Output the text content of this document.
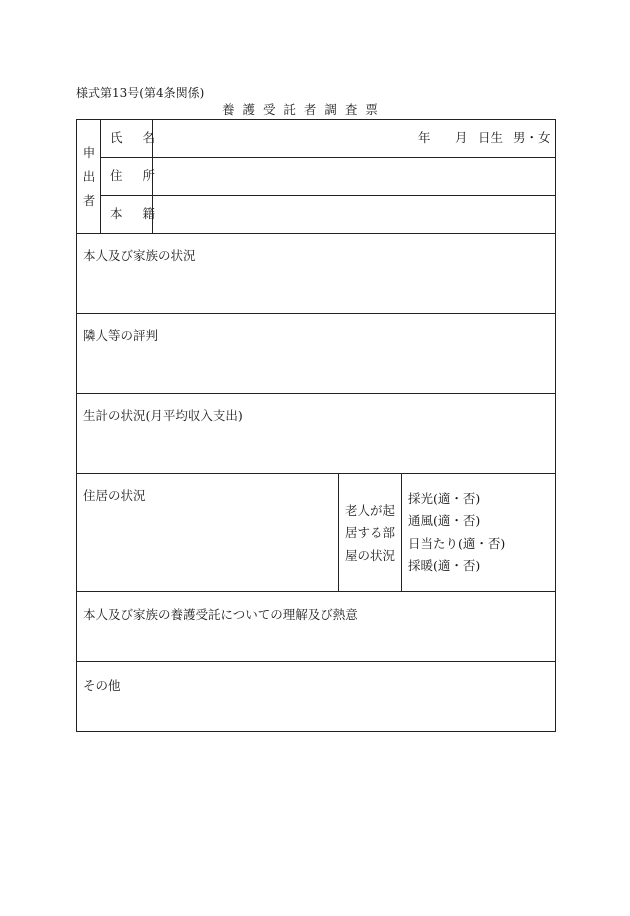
様式第13号(第4条関係)
養 護 受 託 者 調 査 票
申
出
者
氏 名
住 所
本 籍
年 月 日生 男・女
本人及び家族の状況
隣人等の評判
生計の状況(月平均収入支出)
住居の状況
老人が起
居する部
屋の状況
採光(適・否)
通風(適・否)
日当たり(適・否)
採暖(適・否)
本人及び家族の養護受託についての理解及び熱意
その他
